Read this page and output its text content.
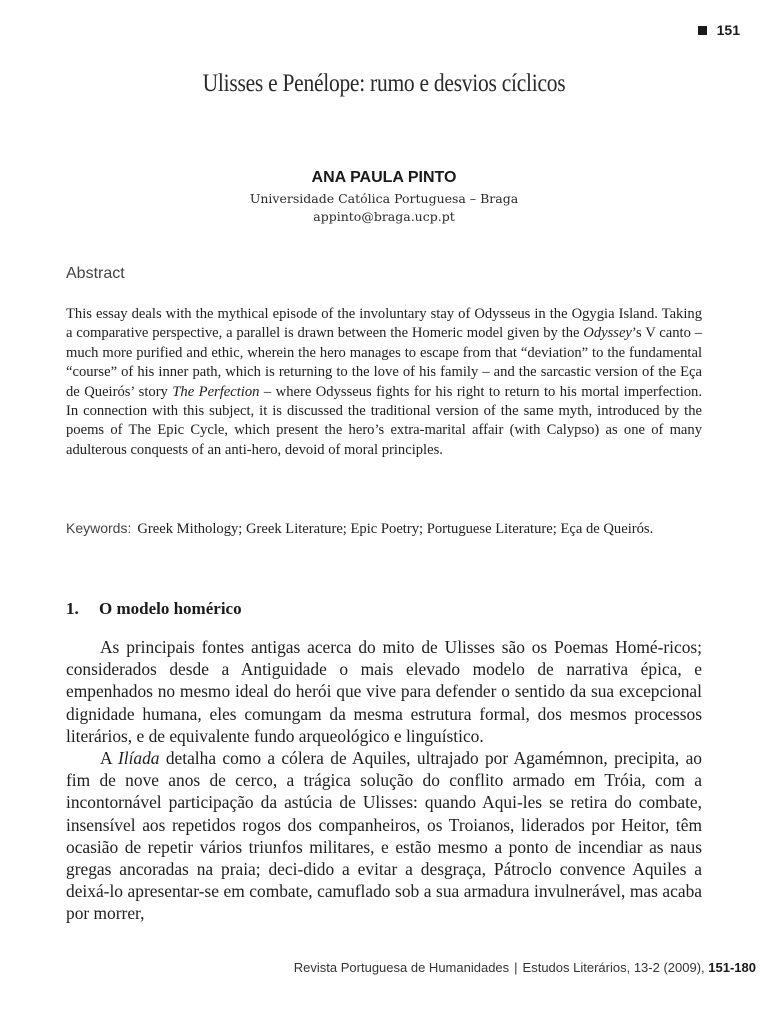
151
Ulisses e Penélope: rumo e desvios cíclicos
ANA PAULA PINTO
Universidade Católica Portuguesa – Braga
appinto@braga.ucp.pt
Abstract
This essay deals with the mythical episode of the involuntary stay of Odysseus in the Ogygia Island. Taking a comparative perspective, a parallel is drawn between the Homeric model given by the Odyssey’s V canto – much more purified and ethic, wherein the hero manages to escape from that “deviation” to the fundamental “course” of his inner path, which is returning to the love of his family – and the sarcastic version of the Eça de Queirós’ story The Perfection – where Odysseus fights for his right to return to his mortal imperfection. In connection with this subject, it is discussed the traditional version of the same myth, introduced by the poems of The Epic Cycle, which present the hero’s extra-marital affair (with Calypso) as one of many adulterous conquests of an anti-hero, devoid of moral principles.
Keywords: Greek Mithology; Greek Literature; Epic Poetry; Portuguese Literature; Eça de Queirós.
1. O modelo homérico

As principais fontes antigas acerca do mito de Ulisses são os Poemas Homé-ricos; considerados desde a Antiguidade o mais elevado modelo de narrativa épica, e empenhados no mesmo ideal do herói que vive para defender o sentido da sua excepcional dignidade humana, eles comungam da mesma estrutura formal, dos mesmos processos literários, e de equivalente fundo arqueológico e linguístico.

A Ilíada detalha como a cólera de Aquiles, ultrajado por Agamémnon, precipita, ao fim de nove anos de cerco, a trágica solução do conflito armado em Tróia, com a incontornável participação da astúcia de Ulisses: quando Aqui-les se retira do combate, insensível aos repetidos rogos dos companheiros, os Troianos, liderados por Heitor, têm ocasião de repetir vários triunfos militares, e estão mesmo a ponto de incendiar as naus gregas ancoradas na praia; deci-dido a evitar a desgraça, Pátroclo convence Aquiles a deixá-lo apresentar-se em combate, camuflado sob a sua armadura invulnerável, mas acaba por morrer,

Revista Portuguesa de Humanidades | Estudos Literários, 13-2 (2009), 151-180
